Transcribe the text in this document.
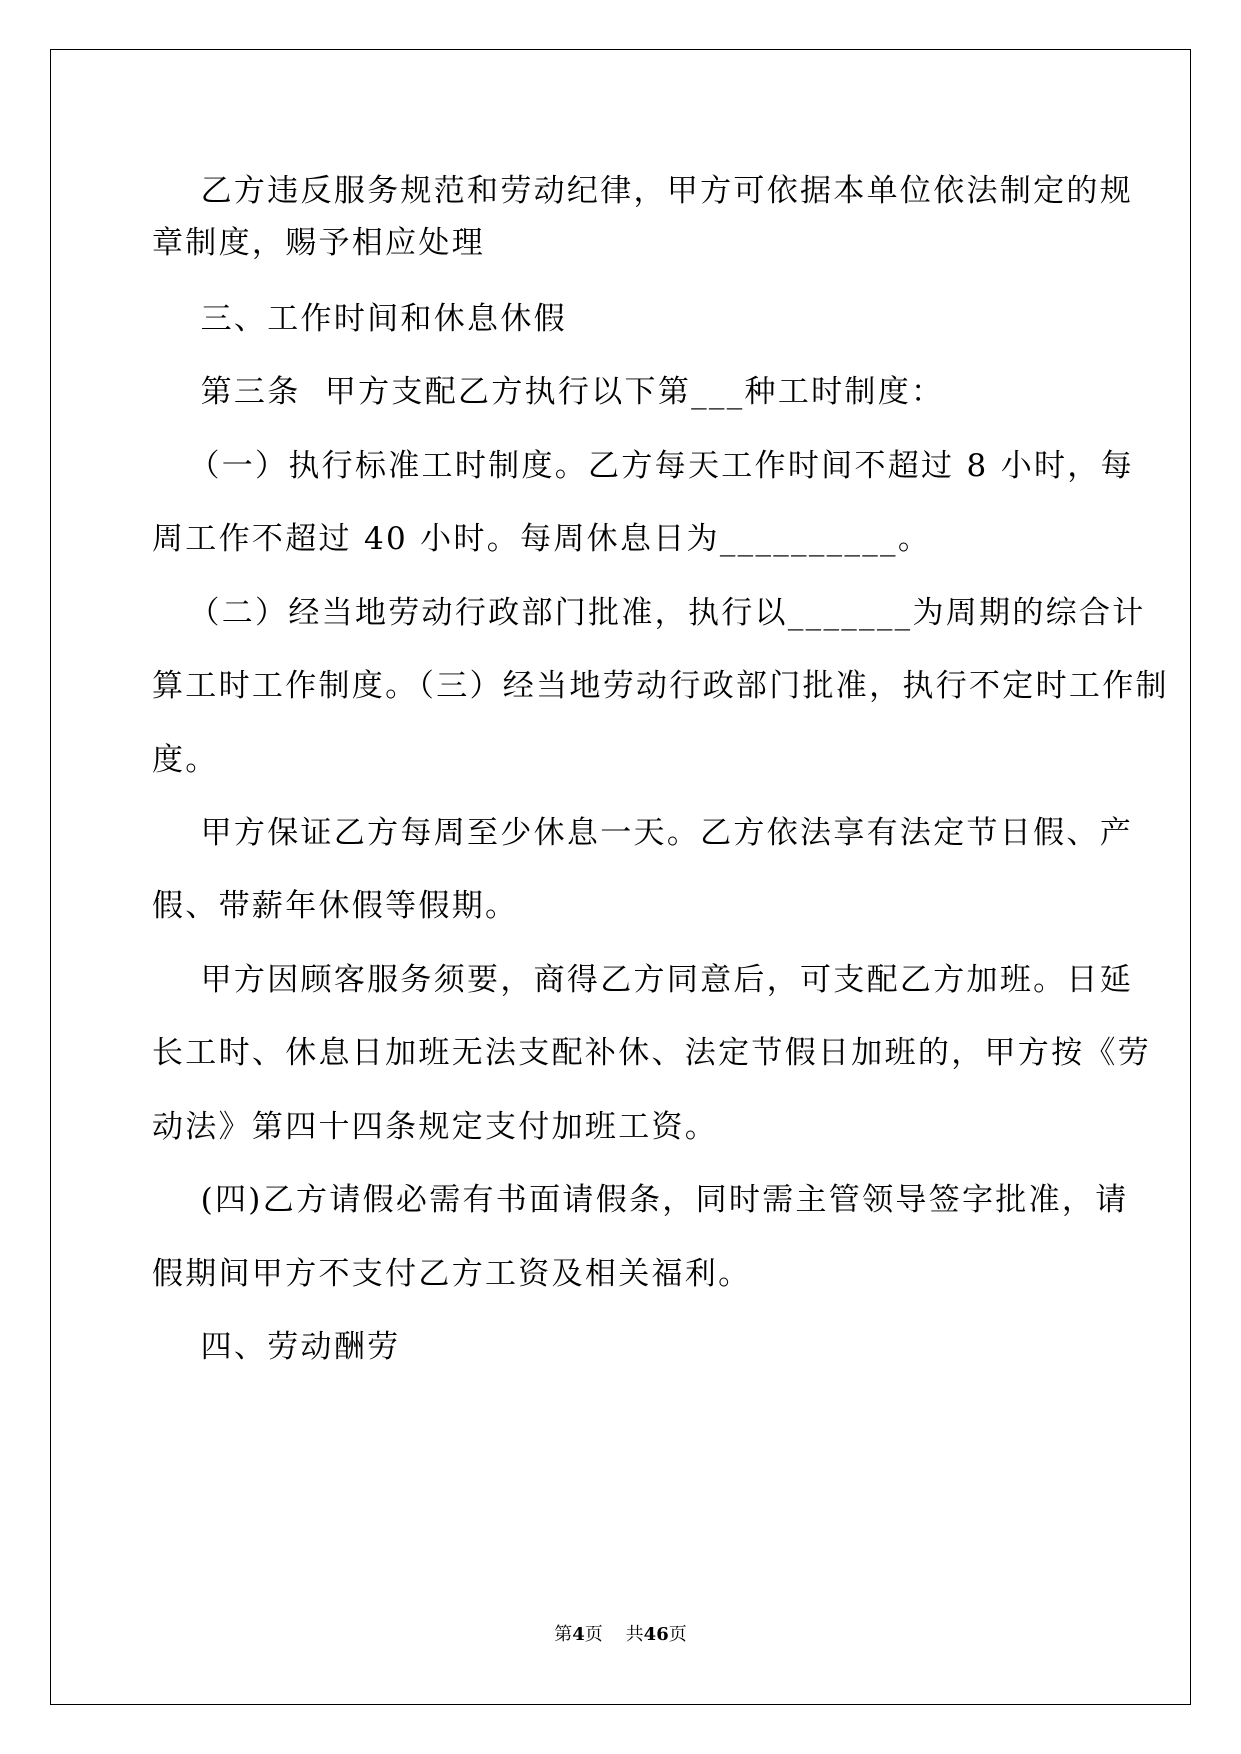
乙方违反服务规范和劳动纪律，甲方可依据本单位依法制定的规
章制度，赐予相应处理
三、工作时间和休息休假
第三条  甲方支配乙方执行以下第___种工时制度：
（一）执行标准工时制度。乙方每天工作时间不超过 8 小时，每
周工作不超过 40 小时。每周休息日为__________。
（二）经当地劳动行政部门批准，执行以_______为周期的综合计
算工时工作制度。（三）经当地劳动行政部门批准，执行不定时工作制
度。
甲方保证乙方每周至少休息一天。乙方依法享有法定节日假、产
假、带薪年休假等假期。
甲方因顾客服务须要，商得乙方同意后，可支配乙方加班。日延
长工时、休息日加班无法支配补休、法定节假日加班的，甲方按《劳
动法》第四十四条规定支付加班工资。
(四)乙方请假必需有书面请假条，同时需主管领导签字批准，请
假期间甲方不支付乙方工资及相关福利。
四、劳动酬劳
第4页    共46页
